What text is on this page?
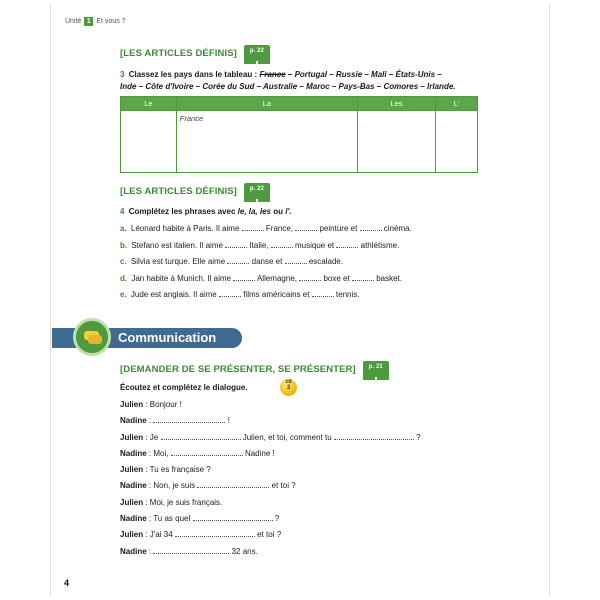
Unité 1 Et vous ?
[LES ARTICLES DÉFINIS]	p. 22
3 Classez les pays dans le tableau : France – Portugal – Russie – Mali – États-Unis –
Inde – Côte d'Ivoire – Corée du Sud – Australie – Maroc – Pays-Bas – Comores – Irlande.
Le	La	Les	L'
	France		
[LES ARTICLES DÉFINIS]	p. 22
4 Complétez les phrases avec le, la, les ou l'.
a. Léonard habite à Paris. Il aime	France,	peinture et	cinéma.
b. Stefano est italien. Il aime	Italie,	musique et	athlétisme.
c. Silvia est turque. Elle aime	danse et	escalade.
d. Jan habite à Munich. Il aime	Allemagne,	boxe et	basket.
e. Jude est anglais. Il aime	films américains et	tennis.
Communication
[DEMANDER DE SE PRÉSENTER, SE PRÉSENTER]	p. 21
Écoutez et complétez le dialogue.
cd
3
Julien : Bonjour !
Nadine :	!
Julien : Je	Julien, et toi, comment tu	?
Nadine : Moi,	Nadine !
Julien : Tu es française ?
Nadine : Non, je suis	et toi ?
Julien : Moi, je suis français.
Nadine : Tu as quel	?
Julien : J'ai 34	et toi ?
Nadine :	32 ans.
4
